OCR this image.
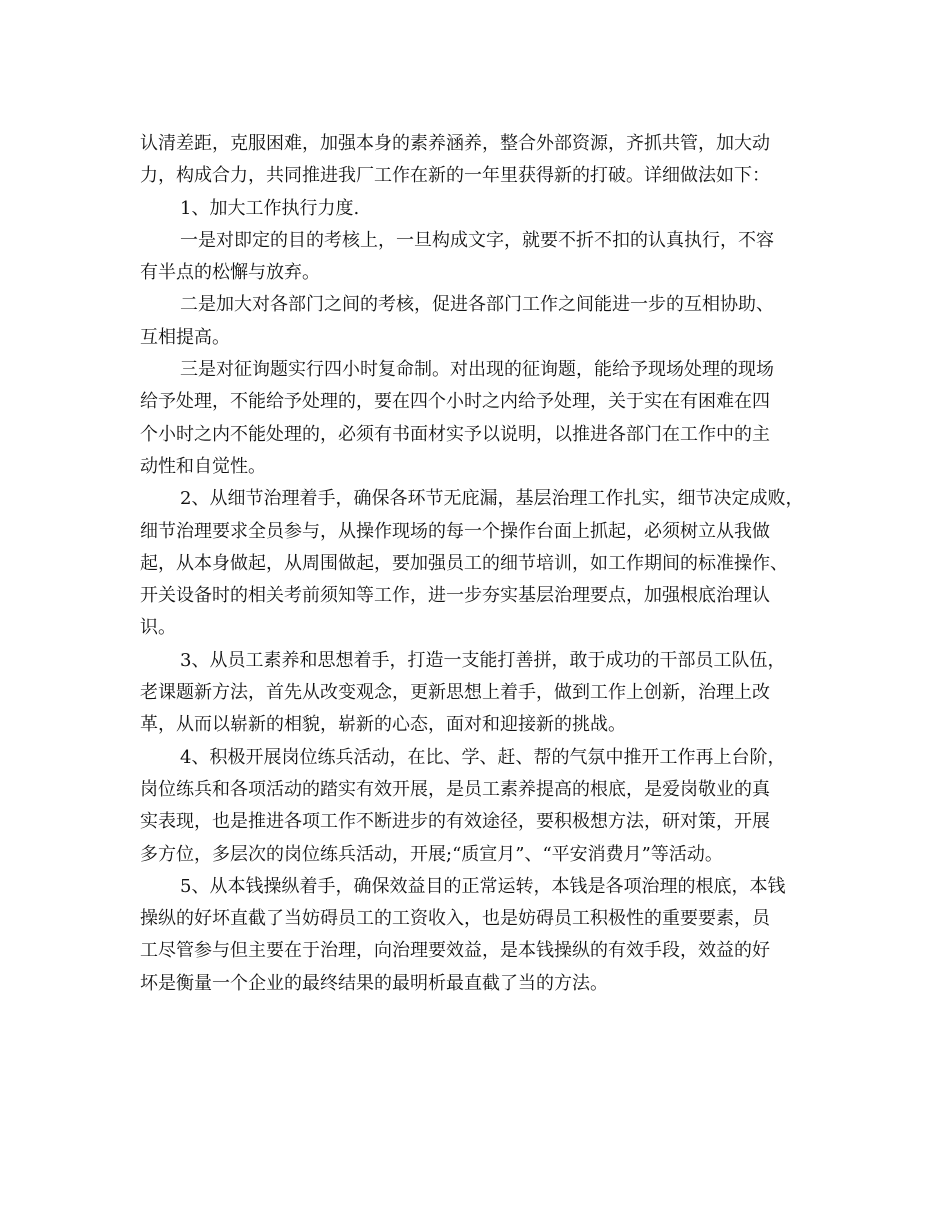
认清差距，克服困难，加强本身的素养涵养，整合外部资源，齐抓共管，加大动
力，构成合力，共同推进我厂工作在新的一年里获得新的打破。详细做法如下：
1、加大工作执行力度.
一是对即定的目的考核上，一旦构成文字，就要不折不扣的认真执行，不容
有半点的松懈与放弃。
二是加大对各部门之间的考核，促进各部门工作之间能进一步的互相协助、
互相提高。
三是对征询题实行四小时复命制。对出现的征询题，能给予现场处理的现场
给予处理，不能给予处理的，要在四个小时之内给予处理，关于实在有困难在四
个小时之内不能处理的，必须有书面材实予以说明，以推进各部门在工作中的主
动性和自觉性。
2、从细节治理着手，确保各环节无庇漏，基层治理工作扎实，细节决定成败，
细节治理要求全员参与，从操作现场的每一个操作台面上抓起，必须树立从我做
起，从本身做起，从周围做起，要加强员工的细节培训，如工作期间的标准操作、
开关设备时的相关考前须知等工作，进一步夯实基层治理要点，加强根底治理认
识。
3、从员工素养和思想着手，打造一支能打善拼，敢于成功的干部员工队伍，
老课题新方法，首先从改变观念，更新思想上着手，做到工作上创新，治理上改
革，从而以崭新的相貌，崭新的心态，面对和迎接新的挑战。
4、积极开展岗位练兵活动，在比、学、赶、帮的气氛中推开工作再上台阶，
岗位练兵和各项活动的踏实有效开展，是员工素养提高的根底，是爱岗敬业的真
实表现，也是推进各项工作不断进步的有效途径，要积极想方法，研对策，开展
多方位，多层次的岗位练兵活动，开展;“质宣月”、“平安消费月”等活动。
5、从本钱操纵着手，确保效益目的正常运转，本钱是各项治理的根底，本钱
操纵的好坏直截了当妨碍员工的工资收入，也是妨碍员工积极性的重要要素，员
工尽管参与但主要在于治理，向治理要效益，是本钱操纵的有效手段，效益的好
坏是衡量一个企业的最终结果的最明析最直截了当的方法。
